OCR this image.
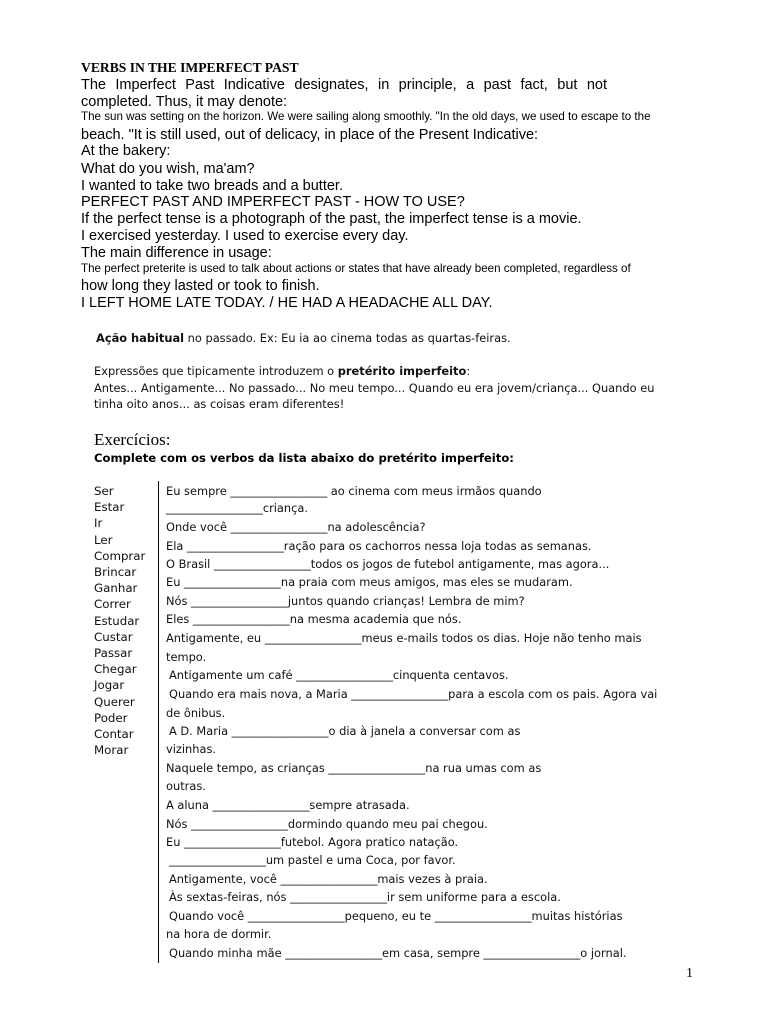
VERBS IN THE IMPERFECT PAST
The Imperfect Past Indicative designates, in principle, a past fact, but not
completed. Thus, it may denote:
The sun was setting on the horizon. We were sailing along smoothly. "In the old days, we used to escape to the
beach. "It is still used, out of delicacy, in place of the Present Indicative:
At the bakery:
What do you wish, ma'am?
I wanted to take two breads and a butter.
PERFECT PAST AND IMPERFECT PAST - HOW TO USE?
If the perfect tense is a photograph of the past, the imperfect tense is a movie.
I exercised yesterday. I used to exercise every day.
The main difference in usage:
The perfect preterite is used to talk about actions or states that have already been completed, regardless of
how long they lasted or took to finish.
I LEFT HOME LATE TODAY. / HE HAD A HEADACHE ALL DAY.
Ação habitual no passado. Ex: Eu ia ao cinema todas as quartas-feiras.
Expressões que tipicamente introduzem o pretérito imperfeito:
Antes... Antigamente... No passado... No meu tempo... Quando eu era jovem/criança... Quando eu
tinha oito anos... as coisas eram diferentes!
Exercícios:
Complete com os verbos da lista abaixo do pretérito imperfeito:
Ser
Estar
Ir
Ler
Comprar
Brincar
Ganhar
Correr
Estudar
Custar
Passar
Chegar
Jogar
Querer
Poder
Contar
Morar
Eu sempre _________________ ao cinema com meus irmãos quando
_________________criança.
Onde você _________________na adolescência?
Ela _________________ração para os cachorros nessa loja todas as semanas.
O Brasil _________________todos os jogos de futebol antigamente, mas agora...
Eu _________________na praia com meus amigos, mas eles se mudaram.
Nós _________________juntos quando crianças! Lembra de mim?
Eles _________________na mesma academia que nós.
Antigamente, eu _________________meus e-mails todos os dias. Hoje não tenho mais
tempo.
Antigamente um café _________________cinquenta centavos.
Quando era mais nova, a Maria _________________para a escola com os pais. Agora vai
de ônibus.
A D. Maria _________________o dia à janela a conversar com as
vizinhas.
Naquele tempo, as crianças _________________na rua umas com as
outras.
A aluna _________________sempre atrasada.
Nós _________________dormindo quando meu pai chegou.
Eu _________________futebol. Agora pratico natação.
_________________um pastel e uma Coca, por favor.
Antigamente, você _________________mais vezes à praia.
Às sextas-feiras, nós _________________ir sem uniforme para a escola.
Quando você _________________pequeno, eu te _________________muitas histórias
na hora de dormir.
Quando minha mãe _________________em casa, sempre _________________o jornal.
1
